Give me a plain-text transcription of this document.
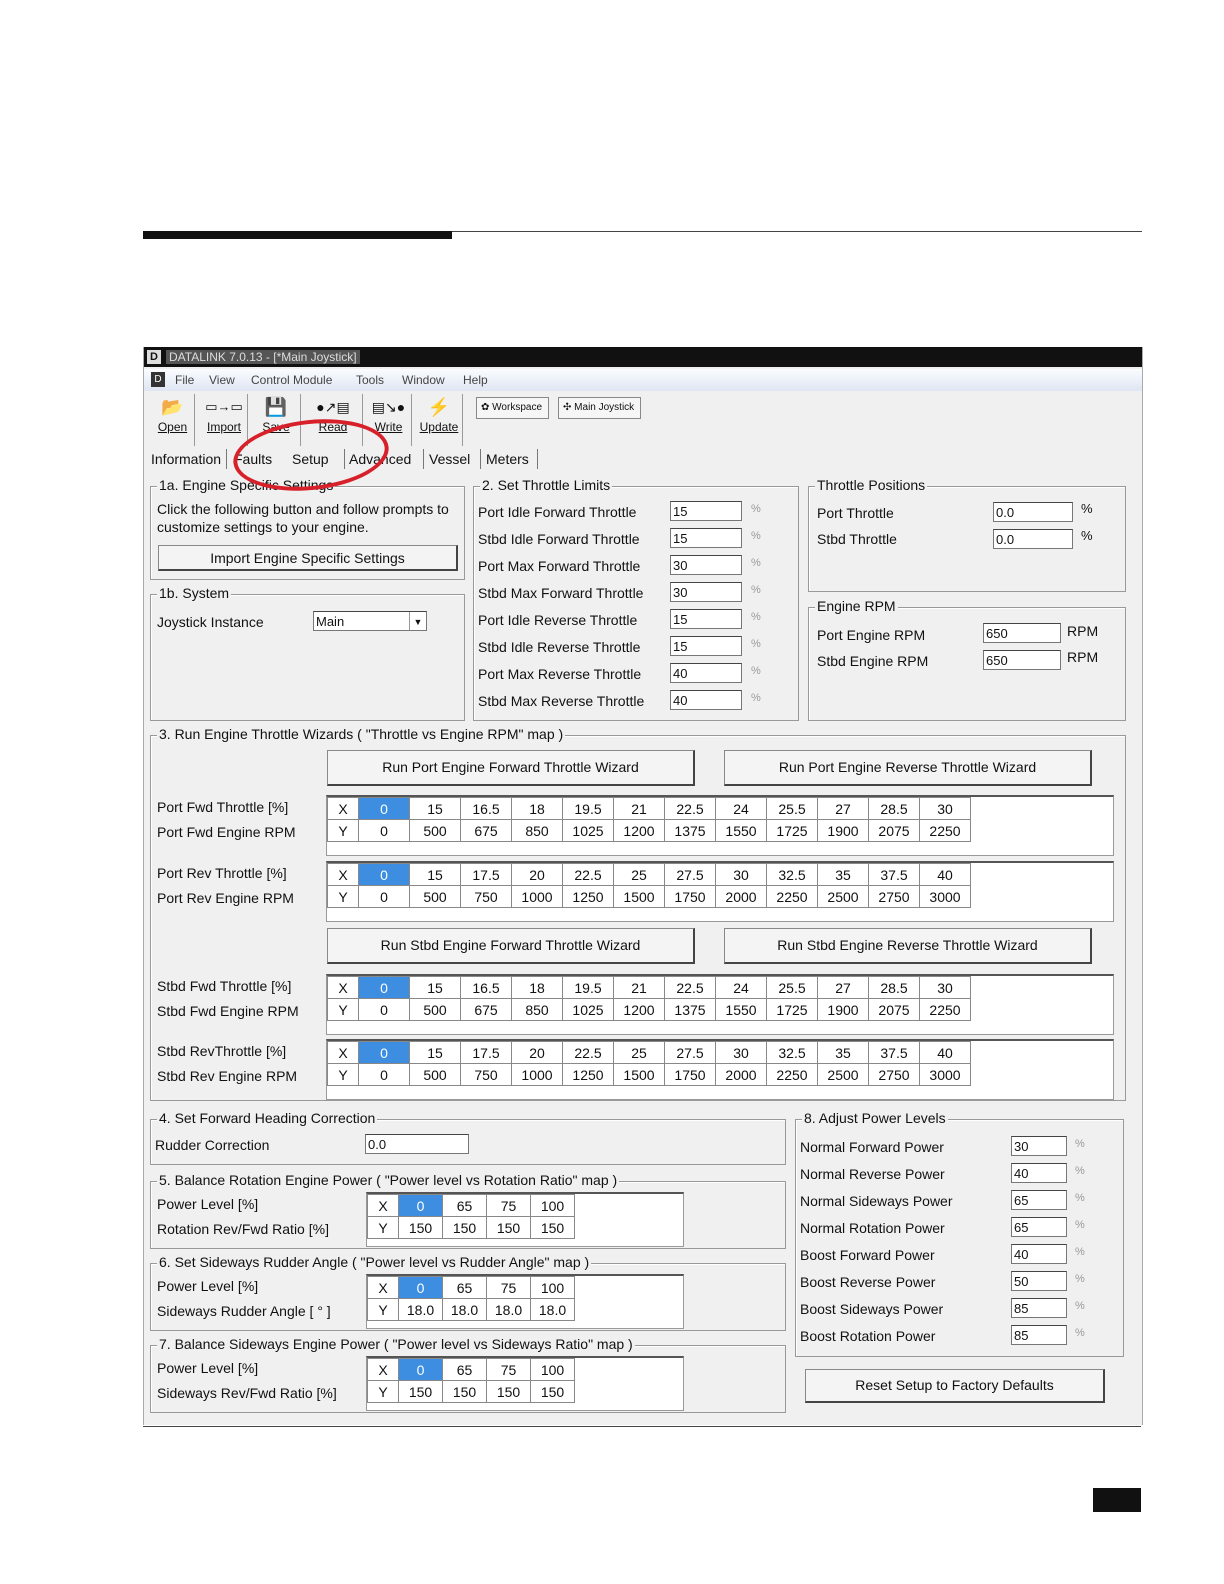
D DATALINK 7.0.13 - [*Main Joystick]
D File View Control Module Tools Window Help
📂
Open
▭→▭
Import
💾
Save
●↗▤
Read
▤↘●
Write
⚡
Update
✿ Workspace	✣ Main Joystick
Information Faults Setup Advanced Vessel Meters
1a. Engine Specific Settings
Click the following button and follow prompts to
customize settings to your engine.
Import Engine Specific Settings
1b. System
Joystick Instance	Main	▼
2. Set Throttle Limits
Port Idle Forward Throttle	15	%
Stbd Idle Forward Throttle	15	%
Port Max Forward Throttle	30	%
Stbd Max Forward Throttle 30	%
Port Idle Reverse Throttle	15	%
Stbd Idle Reverse Throttle	15	%
Port Max Reverse Throttle 40	%
Stbd Max Reverse Throttle 40	%
Throttle Positions
Port Throttle	0.0	%
Stbd Throttle	0.0	%
Engine RPM
Port Engine RPM	650	RPM
Stbd Engine RPM	650	RPM
3. Run Engine Throttle Wizards ( "Throttle vs Engine RPM" map )
Run Port Engine Forward Throttle Wizard	Run Port Engine Reverse Throttle Wizard
Run Stbd Engine Forward Throttle Wizard	Run Stbd Engine Reverse Throttle Wizard
Port Fwd Throttle [%]
Port Fwd Engine RPM
X	0	15	16.5	18	19.5	21	22.5	24	25.5	27	28.5	30
Y	0	500	675	850	1025	1200	1375	1550	1725	1900	2075	2250
Port Rev Throttle [%]
Port Rev Engine RPM
X	0	15	17.5	20	22.5	25	27.5	30	32.5	35	37.5	40
Y	0	500	750	1000	1250	1500	1750	2000	2250	2500	2750	3000
Stbd Fwd Throttle [%]
Stbd Fwd Engine RPM
X	0	15	16.5	18	19.5	21	22.5	24	25.5	27	28.5	30
Y	0	500	675	850	1025	1200	1375	1550	1725	1900	2075	2250
Stbd RevThrottle [%]
Stbd Rev Engine RPM
X	0	15	17.5	20	22.5	25	27.5	30	32.5	35	37.5	40
Y	0	500	750	1000	1250	1500	1750	2000	2250	2500	2750	3000
4. Set Forward Heading Correction
Rudder Correction	0.0
5. Balance Rotation Engine Power ( "Power level vs Rotation Ratio" map )
Power Level [%]
Rotation Rev/Fwd Ratio [%]
X	0	65	75	100
Y	150	150	150	150
6. Set Sideways Rudder Angle ( "Power level vs Rudder Angle" map )
Power Level [%]
Sideways Rudder Angle [ ° ]
X	0	65	75	100
Y	18.0	18.0	18.0	18.0
7. Balance Sideways Engine Power ( "Power level vs Sideways Ratio" map )
Power Level [%]
Sideways Rev/Fwd Ratio [%]
X	0	65	75	100
Y	150	150	150	150
8. Adjust Power Levels
Normal Forward Power	30	%
Normal Reverse Power	40	%
Normal Sideways Power	65	%
Normal Rotation Power	65	%
Boost Forward Power	40	%
Boost Reverse Power	50	%
Boost Sideways Power	85	%
Boost Rotation Power	85	%
Reset Setup to Factory Defaults
